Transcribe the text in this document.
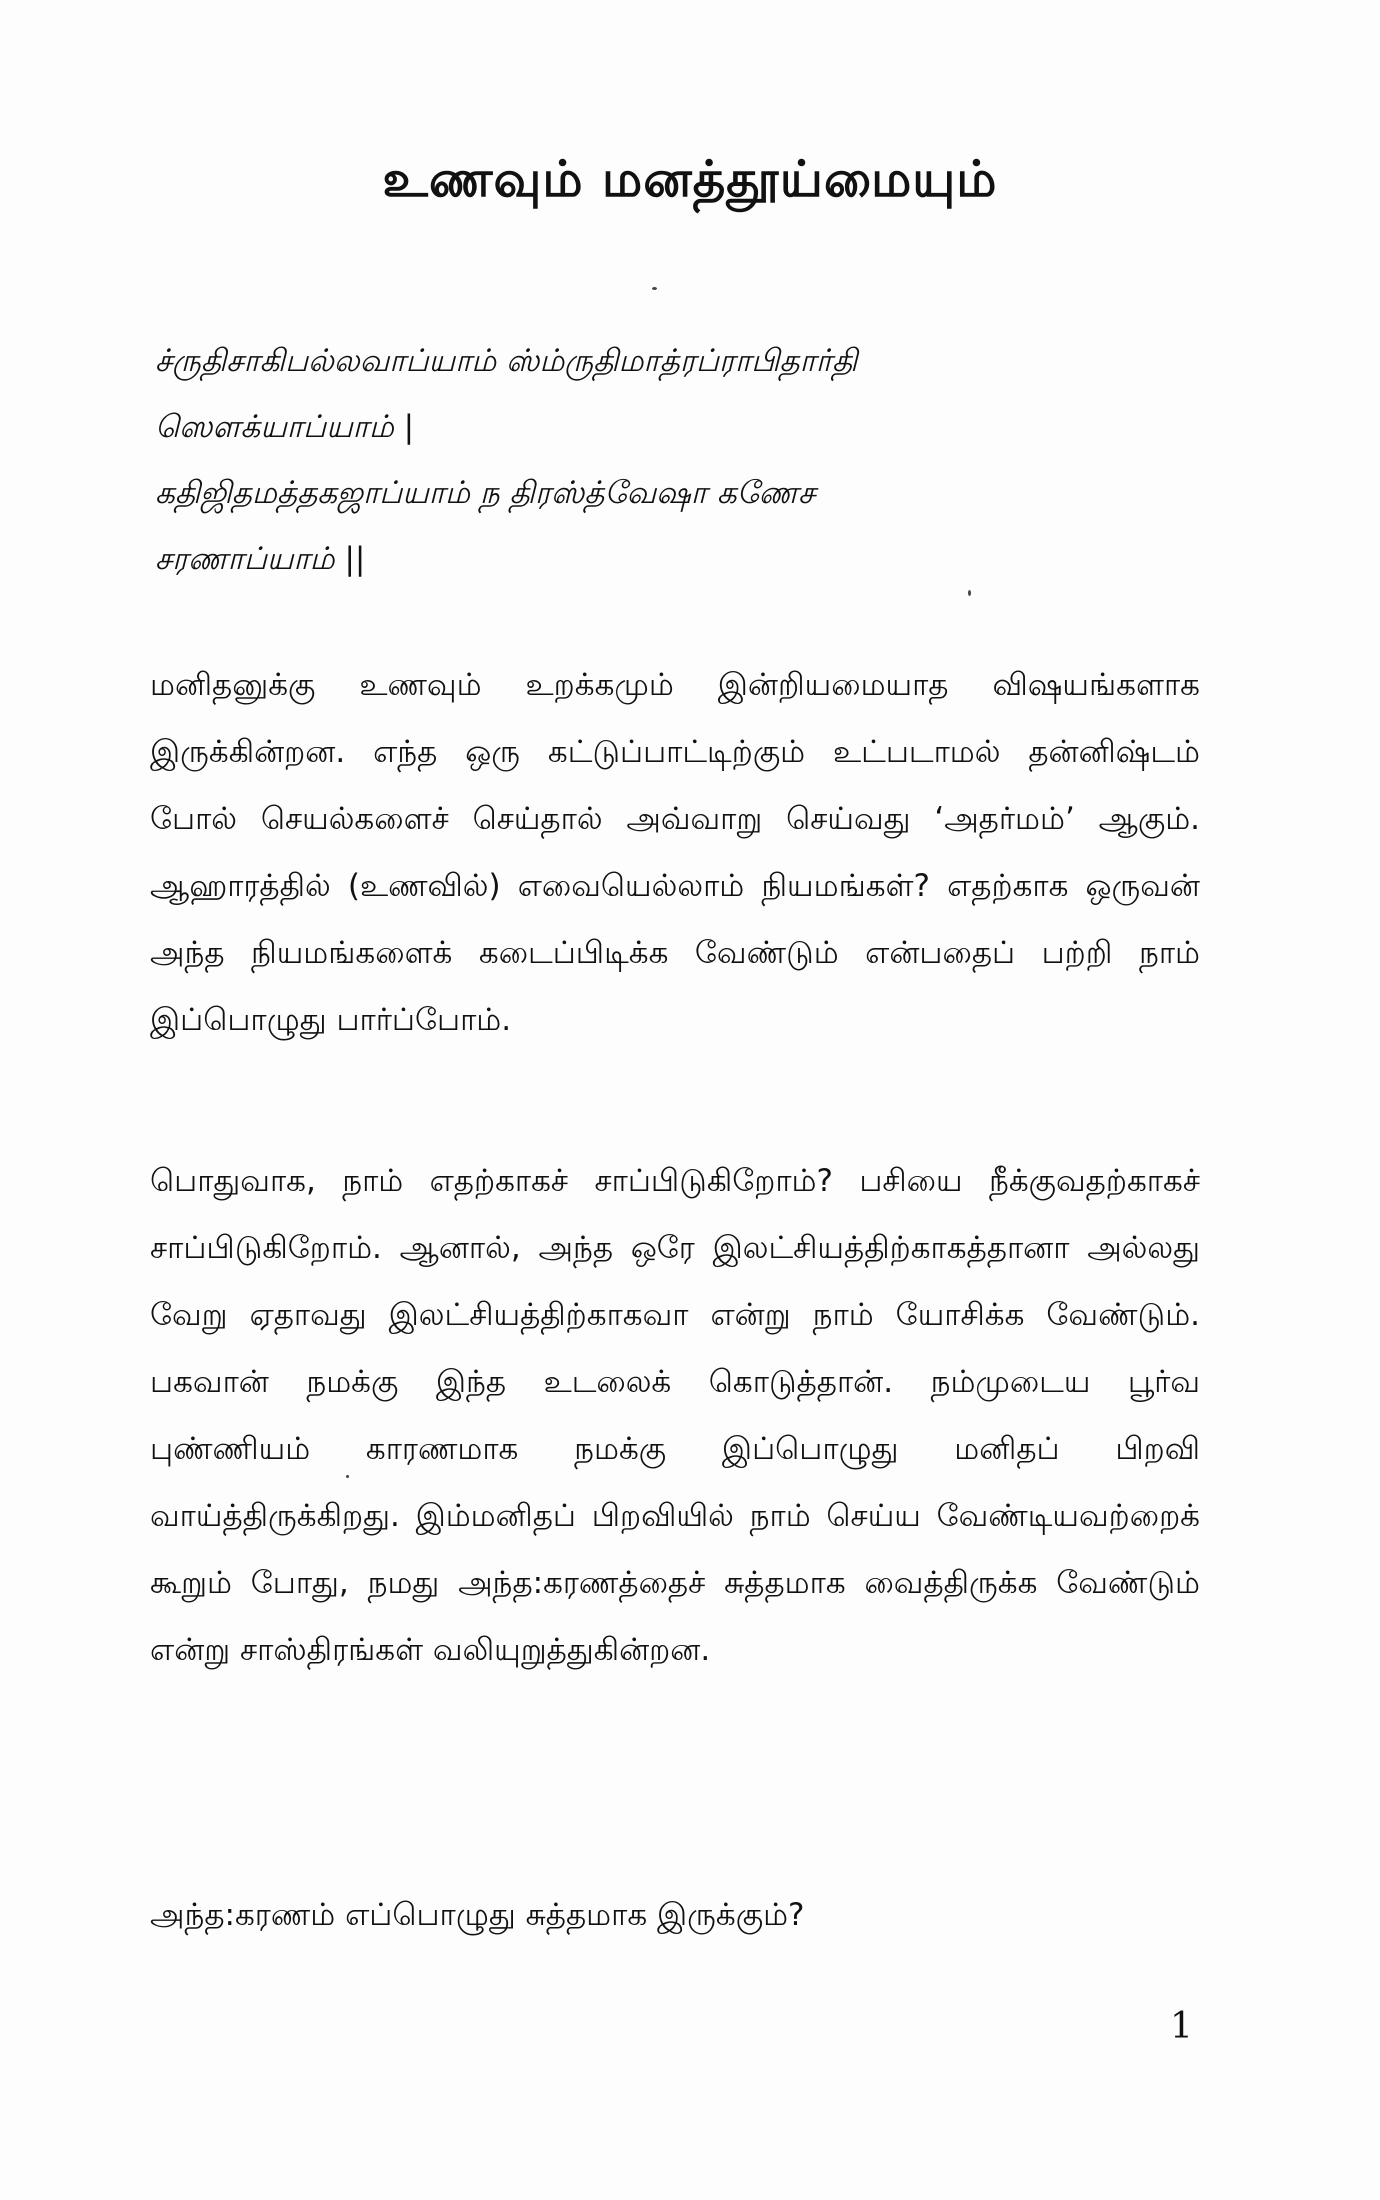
உணவும் மனத்தூய்மையும்
ச்ருதிசாகிபல்லவாப்யாம் ஸ்ம்ருதிமாத்ரப்ராபிதார்தி
ஸௌக்யாப்யாம் |
கதிஜிதமத்தகஜாப்யாம் ந திரஸ்த்வேஷா கணேச
சரணாப்யாம் ||

மனிதனுக்கு உணவும் உறக்கமும் இன்றியமையாத விஷயங்களாக இருக்கின்றன. எந்த ஒரு கட்டுப்பாட்டிற்கும் உட்படாமல் தன்னிஷ்டம் போல் செயல்களைச் செய்தால் அவ்வாறு செய்வது ‘அதர்மம்’ ஆகும். ஆஹாரத்தில் (உணவில்) எவையெல்லாம் நியமங்கள்? எதற்காக ஒருவன் அந்த நியமங்களைக் கடைப்பிடிக்க வேண்டும் என்பதைப் பற்றி நாம் இப்பொழுது பார்ப்போம்.

பொதுவாக, நாம் எதற்காகச் சாப்பிடுகிறோம்? பசியை நீக்குவதற்காகச் சாப்பிடுகிறோம். ஆனால், அந்த ஒரே இலட்சியத்திற்காகத்தானா அல்லது வேறு ஏதாவது இலட்சியத்திற்காகவா என்று நாம் யோசிக்க வேண்டும். பகவான் நமக்கு இந்த உடலைக் கொடுத்தான். நம்முடைய பூர்வ புண்ணியம் காரணமாக நமக்கு இப்பொழுது மனிதப் பிறவி வாய்த்திருக்கிறது. இம்மனிதப் பிறவியில் நாம் செய்ய வேண்டியவற்றைக் கூறும் போது, நமது அந்த:கரணத்தைச் சுத்தமாக வைத்திருக்க வேண்டும் என்று சாஸ்திரங்கள் வலியுறுத்துகின்றன.

அந்த:கரணம் எப்பொழுது சுத்தமாக இருக்கும்?

1
